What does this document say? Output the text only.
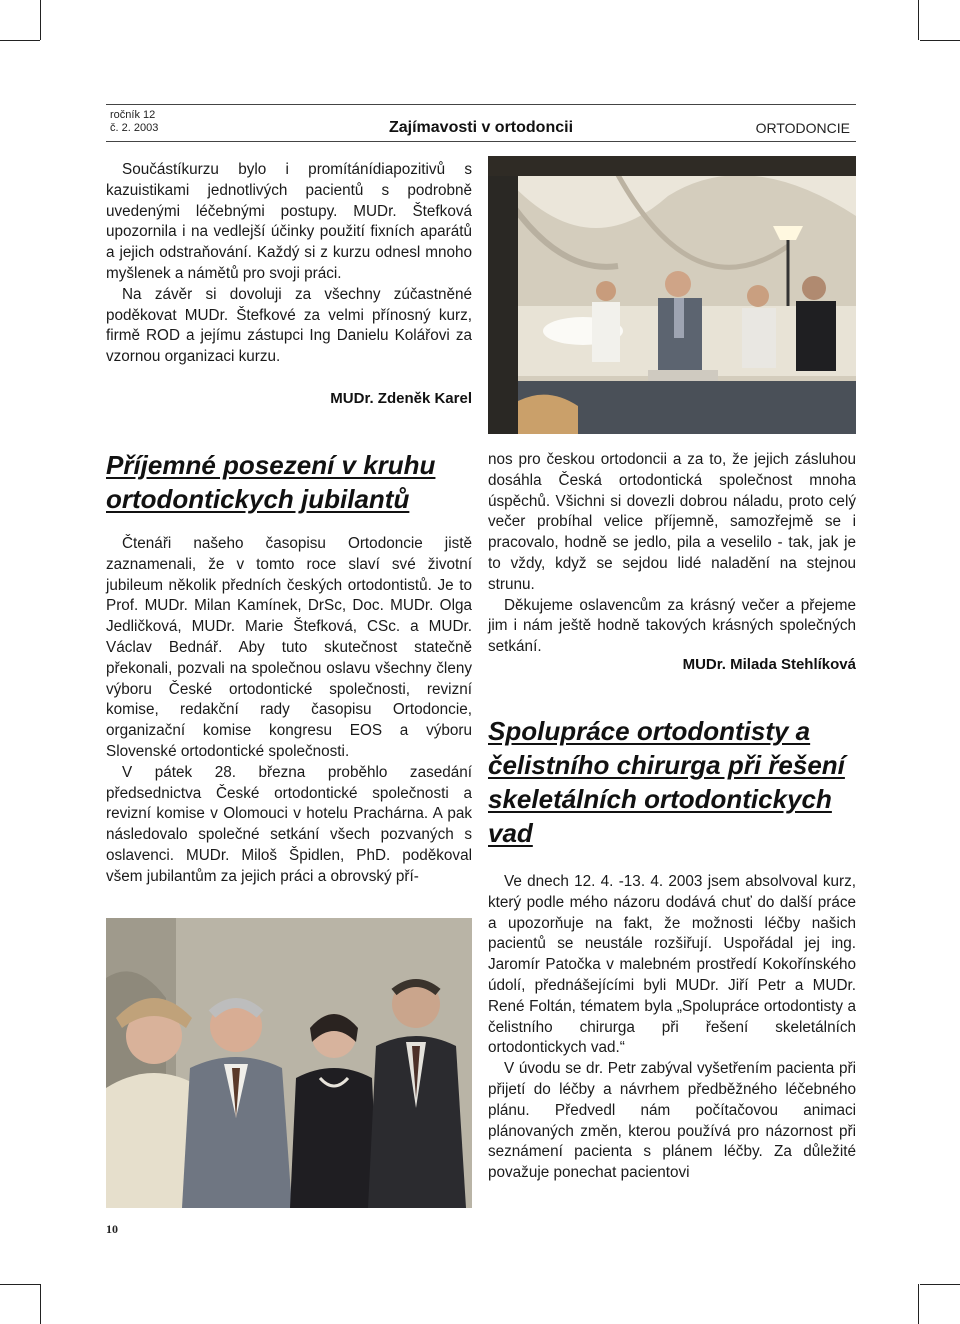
ročník 12
č. 2. 2003	Zajímavosti v ortodoncii	ORTODONCIE

Součástíkurzu bylo i promítánídiapozitivů s kazuistikami jednotlivých pacientů s podrobně uvedenými léčebnými postupy. MUDr. Štefková upozornila i na vedlejší účinky použití fixních aparátů a jejich odstraňování. Každý si z kurzu odnesl mnoho myšlenek a námětů pro svoji práci.

Na závěr si dovoluji za všechny zúčastněné poděkovat MUDr. Štefkové za velmi přínosný kurz, firmě ROD a jejímu zástupci Ing Danielu Kolářovi za vzornou organizaci kurzu.

MUDr. Zdeněk Karel
Příjemné posezení v kruhu ortodontickych jubilantů

Čtenáři našeho časopisu Ortodoncie jistě zaznamenali, že v tomto roce slaví své životní jubileum několik předních českých ortodontistů. Je to Prof. MUDr. Milan Kamínek, DrSc, Doc. MUDr. Olga Jedličková, MUDr. Marie Štefková, CSc. a MUDr. Václav Bednář. Aby tuto skutečnost statečně překonali, pozvali na společnou oslavu všechny členy výboru České ortodontické společnosti, revizní komise, redakční rady časopisu Ortodoncie, organizační komise kongresu EOS a výboru Slovenské ortodontické společnosti.

V pátek 28. března proběhlo zasedání předsednictva České ortodontické společnosti a revizní komise v Olomouci v hotelu Prachárna. A pak následovalo společné setkání všech pozvaných s oslavenci. MUDr. Miloš Špidlen, PhD. poděkoval všem jubilantům za jejich práci a obrovský pří-

nos pro českou ortodoncii a za to, že jejich zásluhou dosáhla Česká ortodontická společnost mnoha úspěchů. Všichni si dovezli dobrou náladu, proto celý večer probíhal velice příjemně, samozřejmě se i pracovalo, hodně se jedlo, pila a veselilo - tak, jak je to vždy, když se sejdou lidé naladění na stejnou strunu.

Děkujeme oslavencům za krásný večer a přejeme jim i nám ještě hodně takových krásných společných setkání.

MUDr. Milada Stehlíková
Spolupráce ortodontisty a čelistního chirurga při řešení skeletálních ortodontickych vad

Ve dnech 12. 4. -13. 4. 2003 jsem absolvoval kurz, který podle mého názoru dodává chuť do další práce a upozorňuje na fakt, že možnosti léčby našich pacientů se neustále rozšiřují. Uspořádal jej ing. Jaromír Patočka v malebném prostředí Kokořínského údolí, přednášejícími byli MUDr. Jiří Petr a MUDr. René Foltán, tématem byla „Spolupráce ortodontisty a čelistního chirurga při řešení skeletálních ortodontickych vad.“

V úvodu se dr. Petr zabýval vyšetřením pacienta při přijetí do léčby a návrhem předběžného léčebného plánu. Předvedl nám počítačovou animaci plánovaných změn, kterou používá pro názornost při seznámení pacienta s plánem léčby. Za důležité považuje ponechat pacientovi

10
